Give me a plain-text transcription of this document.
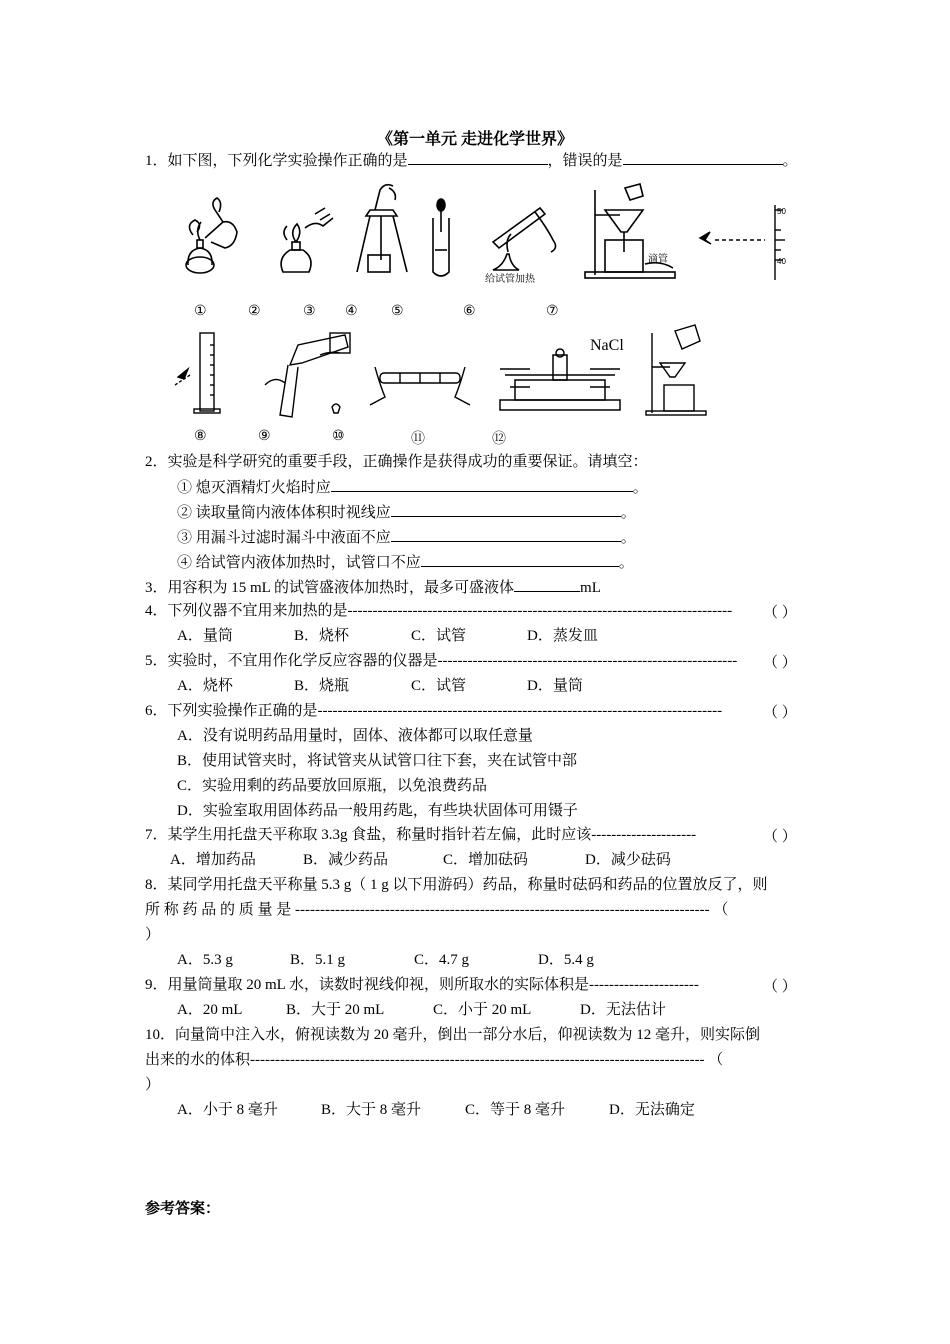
《第一单元 走进化学世界》
1．如下图，下列化学实验操作正确的是	，错误的是	。
给试管加热
滴管
50
40
①	②	③ ④ ⑤	⑥	⑦
NaCl
⑧	⑨	⑩	⑪	⑫
2．实验是科学研究的重要手段，正确操作是获得成功的重要保证。请填空：
① 熄灭酒精灯火焰时应	。
② 读取量筒内液体体积时视线应	。
③ 用漏斗过滤时漏斗中液面不应	。
④ 给试管内液体加热时，试管口不应	。
3．用容积为 15 mL 的试管盛液体加热时，最多可盛液体	mL
4．下列仪器不宜用来加热的是-----------------------------------------------------------------------------	（ ）
A．量筒	B．烧杯	C．试管	D．蒸发皿
5．实验时，不宜用作化学反应容器的仪器是------------------------------------------------------------	（ ）
A．烧杯	B．烧瓶	C．试管	D．量筒
6．下列实验操作正确的是---------------------------------------------------------------------------------	（ ）
A．没有说明药品用量时，固体、液体都可以取任意量
B．使用试管夹时，将试管夹从试管口往下套，夹在试管中部
C．实验用剩的药品要放回原瓶，以免浪费药品
D．实验室取用固体药品一般用药匙，有些块状固体可用镊子
7．某学生用托盘天平称取 3.3g 食盐，称量时指针若左偏，此时应该---------------------	（ ）
A．增加药品	B．减少药品	C．增加砝码	D．减少砝码
8．某同学用托盘天平称量 5.3 g（ 1 g 以下用游码）药品，称量时砝码和药品的位置放反了，则
所 称 药 品 的 质 量 是 ----------------------------------------------------------------------------------- （
）
A．5.3 g	B．5.1 g	C．4.7 g	D．5.4 g
9．用量筒量取 20 mL 水，读数时视线仰视，则所取水的实际体积是----------------------	（ ）
A．20 mL	B．大于 20 mL	C．小于 20 mL	D．无法估计
10．向量筒中注入水，俯视读数为 20 毫升，倒出一部分水后，仰视读数为 12 毫升，则实际倒
出来的水的体积------------------------------------------------------------------------------------------- （
）
A．小于 8 毫升	B．大于 8 毫升	C．等于 8 毫升	D．无法确定
参考答案：
